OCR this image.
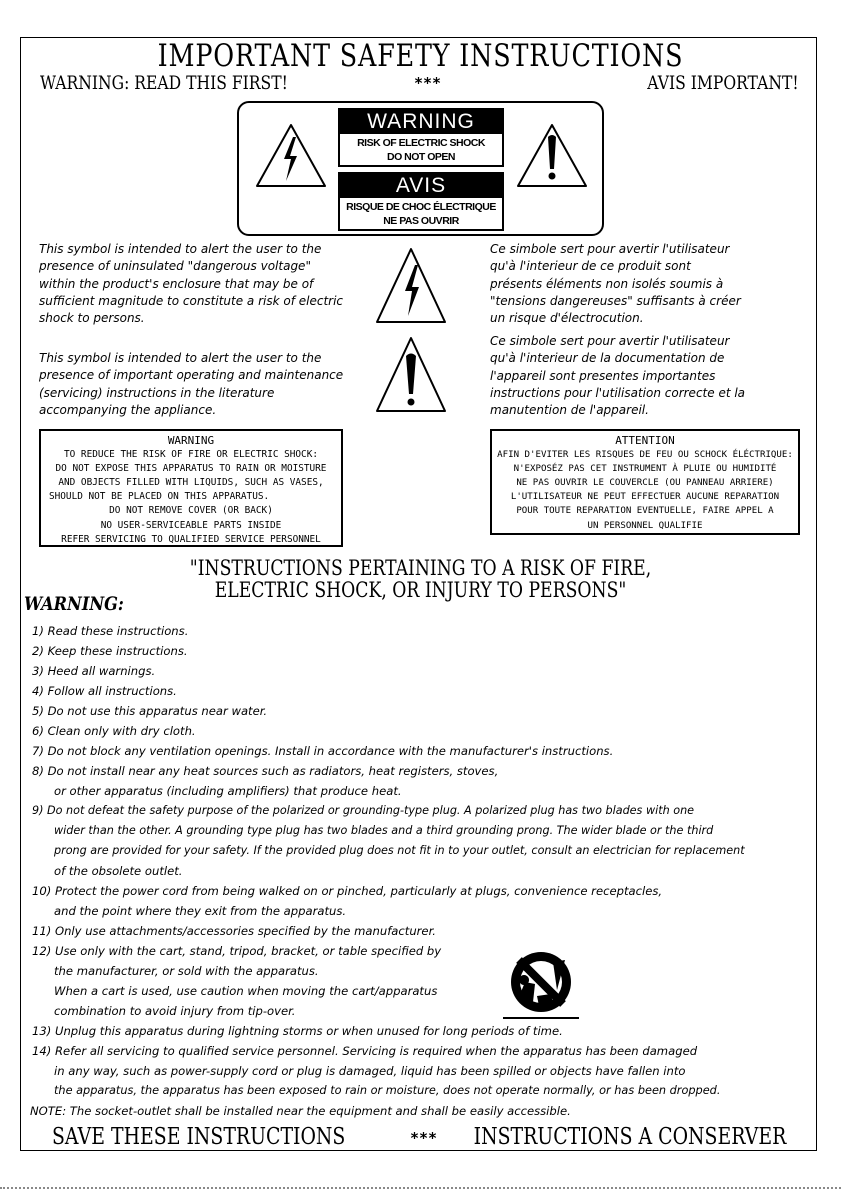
IMPORTANT SAFETY INSTRUCTIONS
WARNING: READ THIS FIRST!	***	AVIS IMPORTANT!
WARNING
RISK OF ELECTRIC SHOCK
DO NOT OPEN
AVIS
RISQUE DE CHOC ÉLECTRIQUE
NE PAS OUVRIR
This symbol is intended to alert the user to the
presence of uninsulated "dangerous voltage"
within the product's enclosure that may be of
sufficient magnitude to constitute a risk of electric
shock to persons.
This symbol is intended to alert the user to the
presence of important operating and maintenance
(servicing) instructions in the literature
accompanying the appliance.
Ce simbole sert pour avertir l'utilisateur
qu'à l'interieur de ce produit sont
présents éléments non isolés soumis à
"tensions dangereuses" suffisants à créer
un risque d'électrocution.
Ce simbole sert pour avertir l'utilisateur
qu'à l'interieur de la documentation de
l'appareil sont presentes importantes
instructions pour l'utilisation correcte et la
manutention de l'appareil.
WARNING
TO REDUCE THE RISK OF FIRE OR ELECTRIC SHOCK:
DO NOT EXPOSE THIS APPARATUS TO RAIN OR MOISTURE
AND OBJECTS FILLED WITH LIQUIDS, SUCH AS VASES,
SHOULD NOT BE PLACED ON THIS APPARATUS.
DO NOT REMOVE COVER (OR BACK)
NO USER-SERVICEABLE PARTS INSIDE
REFER SERVICING TO QUALIFIED SERVICE PERSONNEL
ATTENTION
AFIN D'EVITER LES RISQUES DE FEU OU SCHOCK ÉLÉCTRIQUE:
N'EXPOSÉZ PAS CET INSTRUMENT À PLUIE OU HUMIDITÉ
NE PAS OUVRIR LE COUVERCLE (OU PANNEAU ARRIERE)
L'UTILISATEUR NE PEUT EFFECTUER AUCUNE REPARATION
POUR TOUTE REPARATION EVENTUELLE, FAIRE APPEL A
UN PERSONNEL QUALIFIE
"INSTRUCTIONS PERTAINING TO A RISK OF FIRE,
ELECTRIC SHOCK, OR INJURY TO PERSONS"
WARNING:
1) Read these instructions.
2) Keep these instructions.
3) Heed all warnings.
4) Follow all instructions.
5) Do not use this apparatus near water.
6) Clean only with dry cloth.
7) Do not block any ventilation openings. Install in accordance with the manufacturer's instructions.
8) Do not install near any heat sources such as radiators, heat registers, stoves,
or other apparatus (including amplifiers) that produce heat.
9) Do not defeat the safety purpose of the polarized or grounding-type plug. A polarized plug has two blades with one
wider than the other. A grounding type plug has two blades and a third grounding prong. The wider blade or the third
prong are provided for your safety. If the provided plug does not fit in to your outlet, consult an electrician for replacement
of the obsolete outlet.
10) Protect the power cord from being walked on or pinched, particularly at plugs, convenience receptacles,
and the point where they exit from the apparatus.
11) Only use attachments/accessories specified by the manufacturer.
12) Use only with the cart, stand, tripod, bracket, or table specified by
the manufacturer, or sold with the apparatus.
When a cart is used, use caution when moving the cart/apparatus
combination to avoid injury from tip-over.
13) Unplug this apparatus during lightning storms or when unused for long periods of time.
14) Refer all servicing to qualified service personnel. Servicing is required when the apparatus has been damaged
in any way, such as power-supply cord or plug is damaged, liquid has been spilled or objects have fallen into
the apparatus, the apparatus has been exposed to rain or moisture, does not operate normally, or has been dropped.
NOTE: The socket-outlet shall be installed near the equipment and shall be easily accessible.
SAVE THESE INSTRUCTIONS	*** INSTRUCTIONS A CONSERVER
